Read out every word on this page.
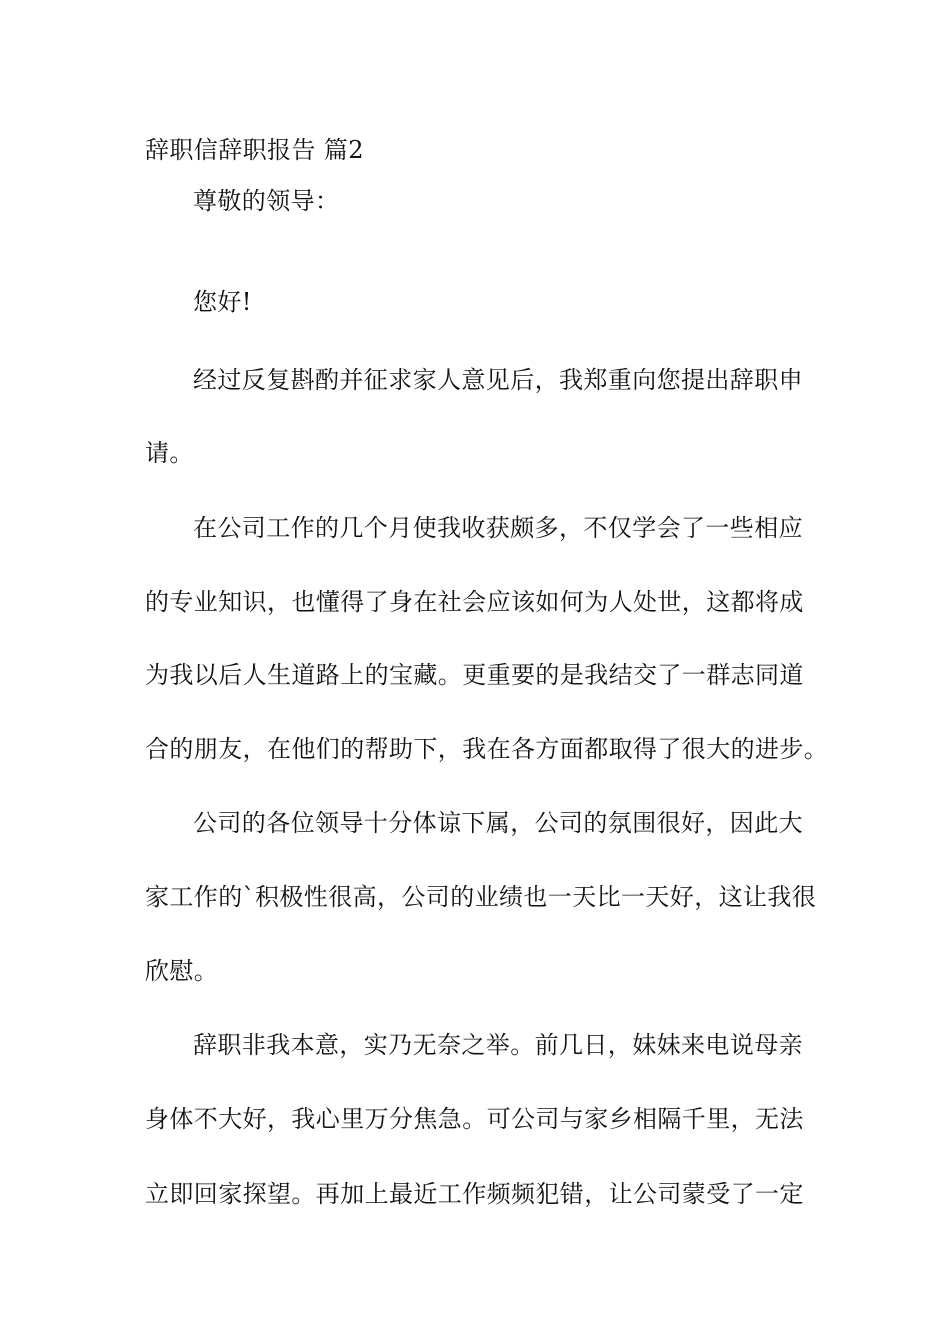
辞职信辞职报告 篇2
尊敬的领导：
您好!
经过反复斟酌并征求家人意见后，我郑重向您提出辞职申
请。
在公司工作的几个月使我收获颇多，不仅学会了一些相应
的专业知识，也懂得了身在社会应该如何为人处世，这都将成
为我以后人生道路上的宝藏。更重要的是我结交了一群志同道
合的朋友，在他们的帮助下，我在各方面都取得了很大的进步。
公司的各位领导十分体谅下属，公司的氛围很好，因此大
家工作的`积极性很高，公司的业绩也一天比一天好，这让我很
欣慰。
辞职非我本意，实乃无奈之举。前几日，妹妹来电说母亲
身体不大好，我心里万分焦急。可公司与家乡相隔千里，无法
立即回家探望。再加上最近工作频频犯错，让公司蒙受了一定
